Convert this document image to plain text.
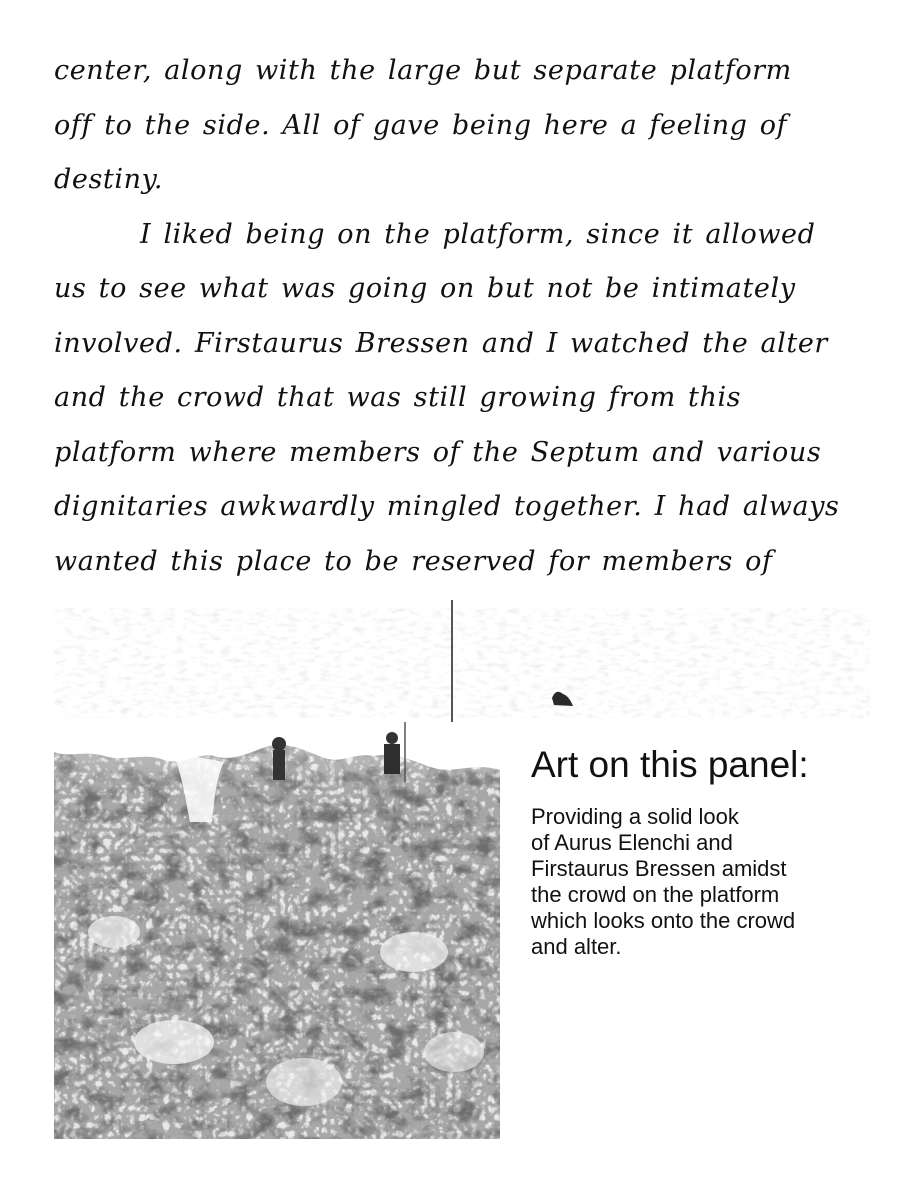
center, along with the large but separate platform
off to the side. All of gave being here a feeling of
destiny.
I liked being on the platform, since it allowed
us to see what was going on but not be intimately
involved. Firstaurus Bressen and I watched the alter
and the crowd that was still growing from this
platform where members of the Septum and various
dignitaries awkwardly mingled together. I had always
wanted this place to be reserved for members of
Art on this panel:
Providing a solid look
of Aurus Elenchi and
Firstaurus Bressen amidst
the crowd on the platform
which looks onto the crowd
and alter.
